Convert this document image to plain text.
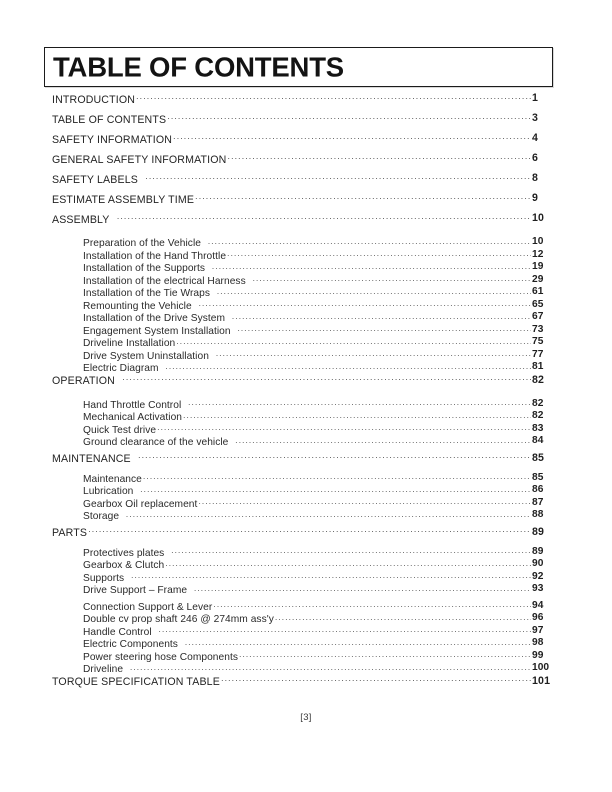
TABLE OF CONTENTS
INTRODUCTION .....	1
TABLE OF CONTENTS .....	3
SAFETY INFORMATION .....	4
GENERAL SAFETY INFORMATION .....	6
SAFETY LABELS .....	8
ESTIMATE ASSEMBLY TIME .....	9
ASSEMBLY .....	10
Preparation of the Vehicle .....	10
Installation of the Hand Throttle .....	12
Installation of the Supports .....	19
Installation of the electrical Harness .....	29
Installation of the Tie Wraps .....	61
Remounting the Vehicle .....	65
Installation of the Drive System .....	67
Engagement System Installation .....	73
Driveline Installation .....	75
Drive System Uninstallation .....	77
Electric Diagram .....	81
OPERATION .....	82
Hand Throttle Control .....	82
Mechanical Activation .....	82
Quick Test drive .....	83
Ground clearance of the vehicle .....	84
MAINTENANCE .....	85
Maintenance .....	85
Lubrication .....	86
Gearbox Oil replacement .....	87
Storage .....	88
PARTS .....	89
Protectives plates .....	89
Gearbox & Clutch .....	90
Supports .....	92
Drive Support – Frame .....	93
Connection Support & Lever .....	94
Double cv prop shaft 246 @ 274mm ass'y .....	96
Handle Control .....	97
Electric Components .....	98
Power steering hose Components .....	99
Driveline .....	100
TORQUE SPECIFICATION TABLE .....	101
[3]
